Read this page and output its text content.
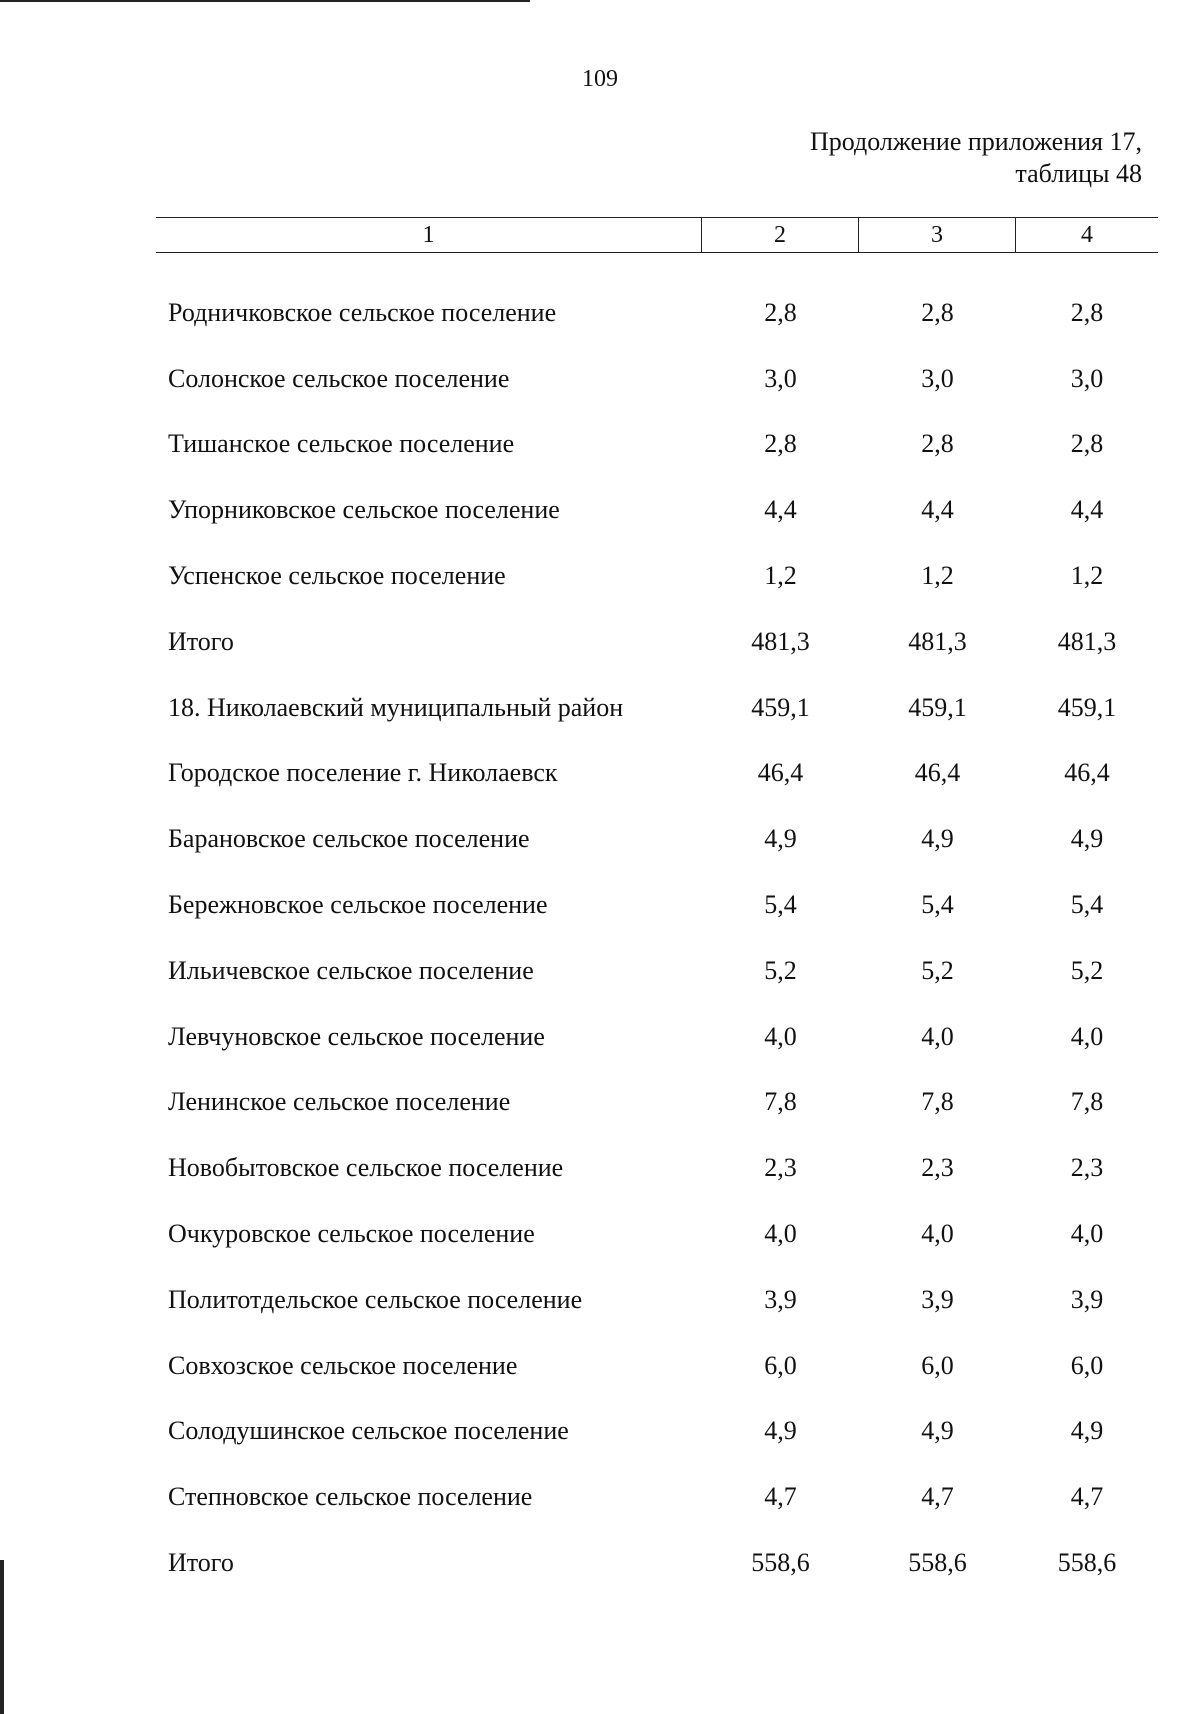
109
Продолжение приложения 17,
таблицы 48
1	2	3	4
Родничковское сельское поселение	2,8	2,8	2,8
Солонское сельское поселение	3,0	3,0	3,0
Тишанское сельское поселение	2,8	2,8	2,8
Упорниковское сельское поселение	4,4	4,4	4,4
Успенское сельское поселение	1,2	1,2	1,2
Итого	481,3	481,3	481,3
18. Николаевский муниципальный район	459,1	459,1	459,1
Городское поселение г. Николаевск	46,4	46,4	46,4
Барановское сельское поселение	4,9	4,9	4,9
Бережновское сельское поселение	5,4	5,4	5,4
Ильичевское сельское поселение	5,2	5,2	5,2
Левчуновское сельское поселение	4,0	4,0	4,0
Ленинское сельское поселение	7,8	7,8	7,8
Новобытовское сельское поселение	2,3	2,3	2,3
Очкуровское сельское поселение	4,0	4,0	4,0
Политотдельское сельское поселение	3,9	3,9	3,9
Совхозское сельское поселение	6,0	6,0	6,0
Солодушинское сельское поселение	4,9	4,9	4,9
Степновское сельское поселение	4,7	4,7	4,7
Итого	558,6	558,6	558,6
